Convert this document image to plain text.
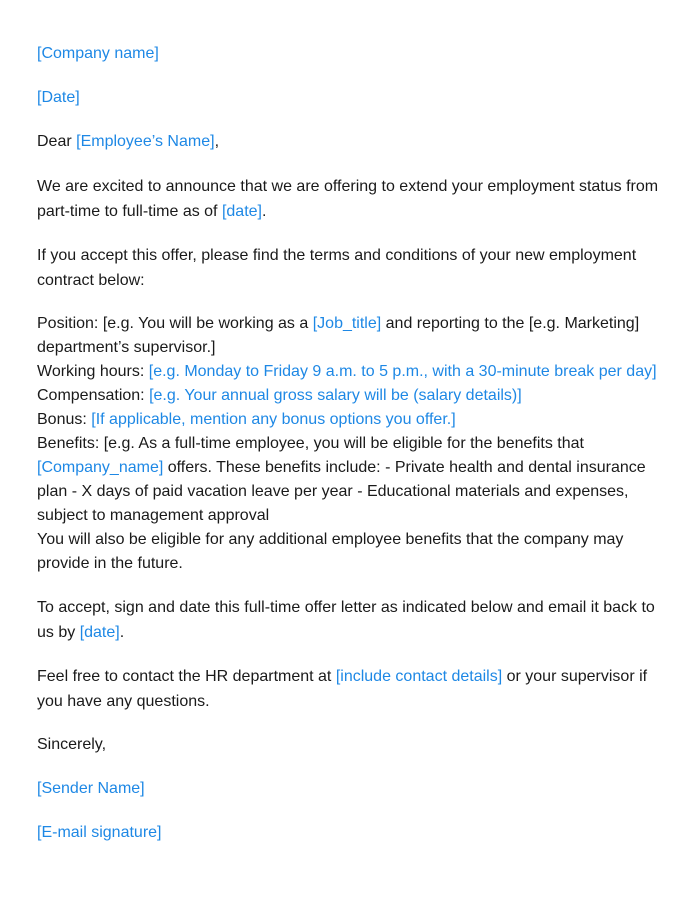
[Company name]

[Date]

Dear [Employee’s Name],

We are excited to announce that we are offering to extend your employment status from part-time to full-time as of [date].

If you accept this offer, please find the terms and conditions of your new employment contract below:

Position: [e.g. You will be working as a [Job_title] and reporting to the [e.g. Marketing] department’s supervisor.]

Working hours: [e.g. Monday to Friday 9 a.m. to 5 p.m., with a 30-minute break per day]

Compensation: [e.g. Your annual gross salary will be (salary details)]

Bonus: [If applicable, mention any bonus options you offer.]

Benefits: [e.g. As a full-time employee, you will be eligible for the benefits that [Company_name] offers. These benefits include: - Private health and dental insurance plan - X days of paid vacation leave per year - Educational materials and expenses, subject to management approval

You will also be eligible for any additional employee benefits that the company may provide in the future.

To accept, sign and date this full-time offer letter as indicated below and email it back to us by [date].

Feel free to contact the HR department at [include contact details] or your supervisor if you have any questions.

Sincerely,

[Sender Name]

[E-mail signature]
